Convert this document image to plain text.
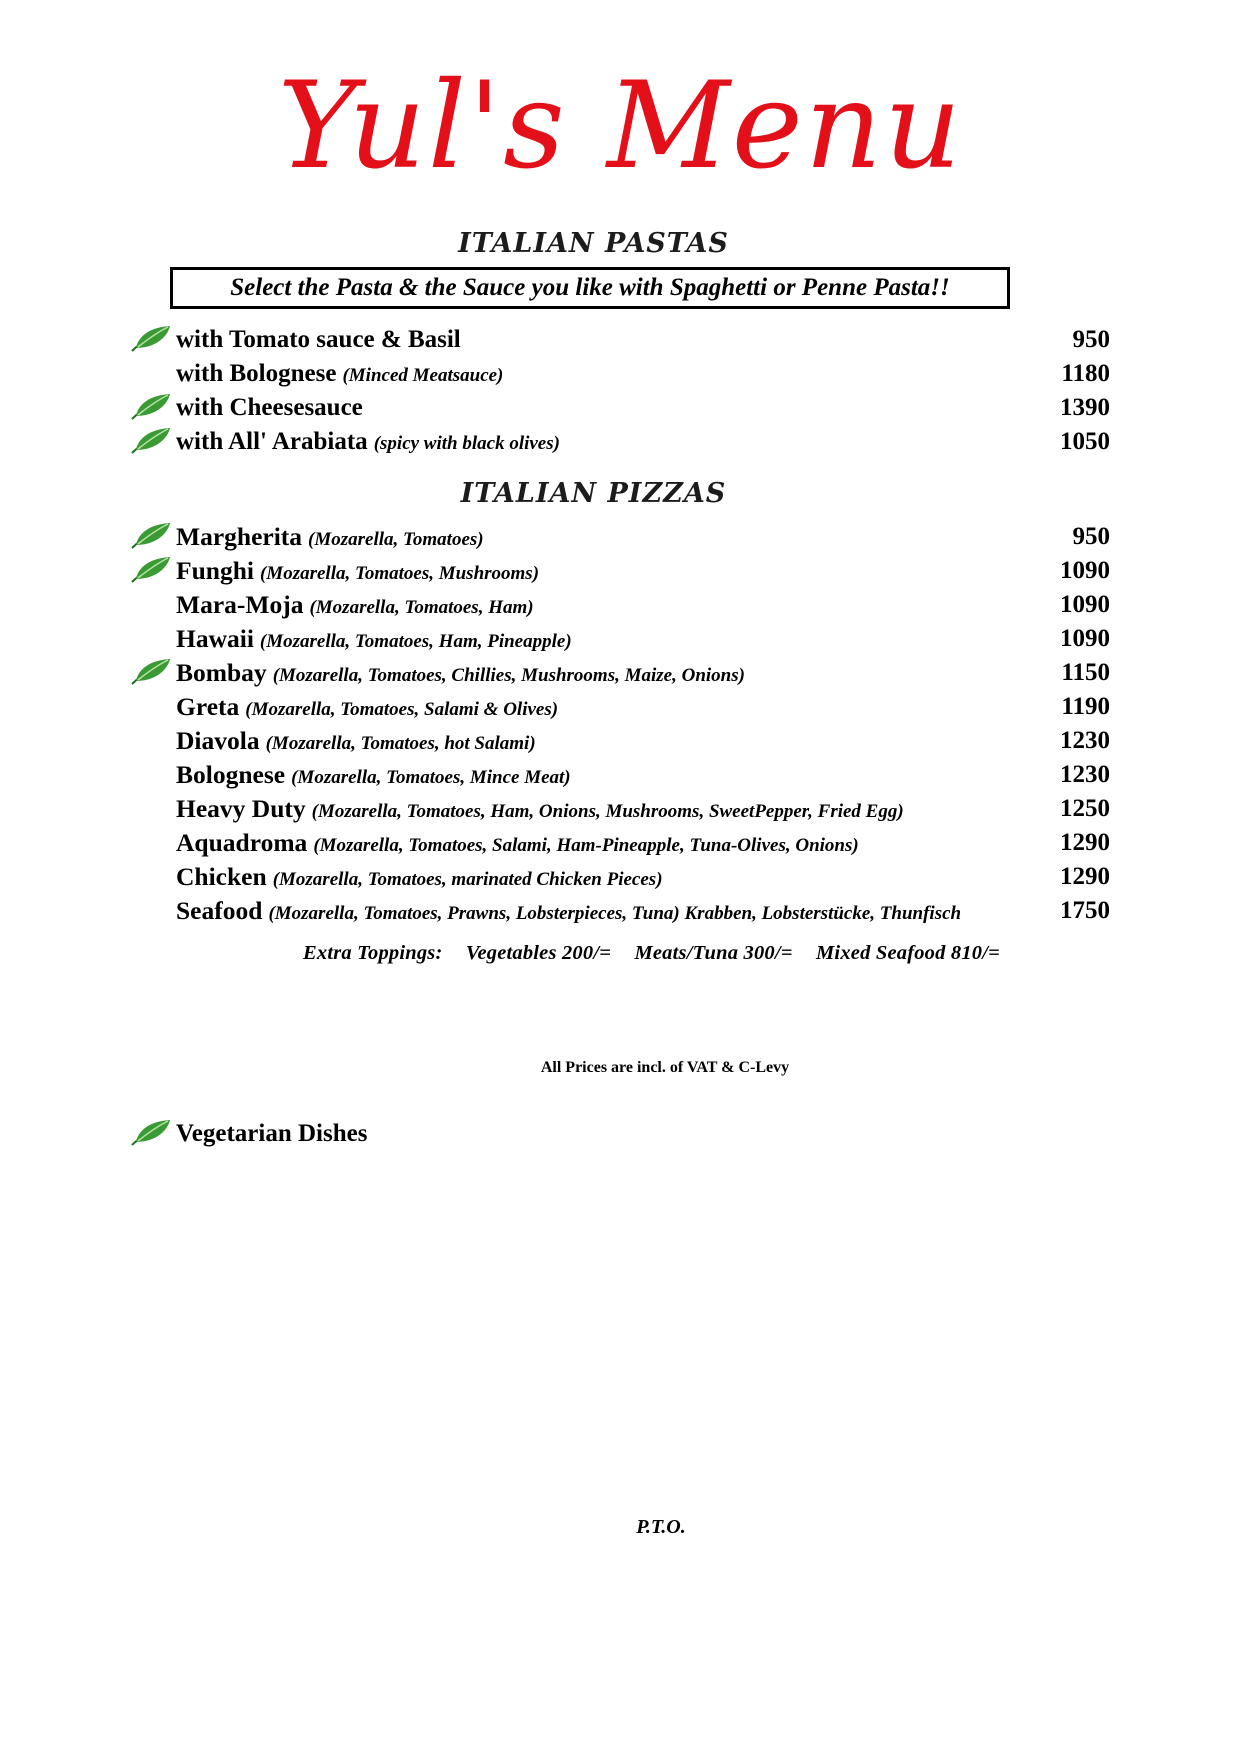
Yul's Menu
ITALIAN PASTAS
Select the Pasta & the Sauce you like with Spaghetti or Penne Pasta!!
with Tomato sauce & Basil	950
with Bolognese (Minced Meatsauce)	1180
with Cheesesauce	1390
with All' Arabiata (spicy with black olives)	1050
ITALIAN PIZZAS
Margherita (Mozarella, Tomatoes)	950
Funghi (Mozarella, Tomatoes, Mushrooms)	1090
Mara-Moja (Mozarella, Tomatoes, Ham)	1090
Hawaii (Mozarella, Tomatoes, Ham, Pineapple)	1090
Bombay (Mozarella, Tomatoes, Chillies, Mushrooms, Maize, Onions)	1150
Greta (Mozarella, Tomatoes, Salami & Olives)	1190
Diavola (Mozarella, Tomatoes, hot Salami)	1230
Bolognese (Mozarella, Tomatoes, Mince Meat)	1230
Heavy Duty (Mozarella, Tomatoes, Ham, Onions, Mushrooms, SweetPepper, Fried Egg)	1250
Aquadroma (Mozarella, Tomatoes, Salami, Ham-Pineapple, Tuna-Olives, Onions)	1290
Chicken (Mozarella, Tomatoes, marinated Chicken Pieces)	1290
Seafood (Mozarella, Tomatoes, Prawns, Lobsterpieces, Tuna) Krabben, Lobsterstücke, Thunfisch	1750
Extra Toppings: Vegetables 200/= Meats/Tuna 300/= Mixed Seafood 810/=
All Prices are incl. of VAT & C-Levy
Vegetarian Dishes
P.T.O.
